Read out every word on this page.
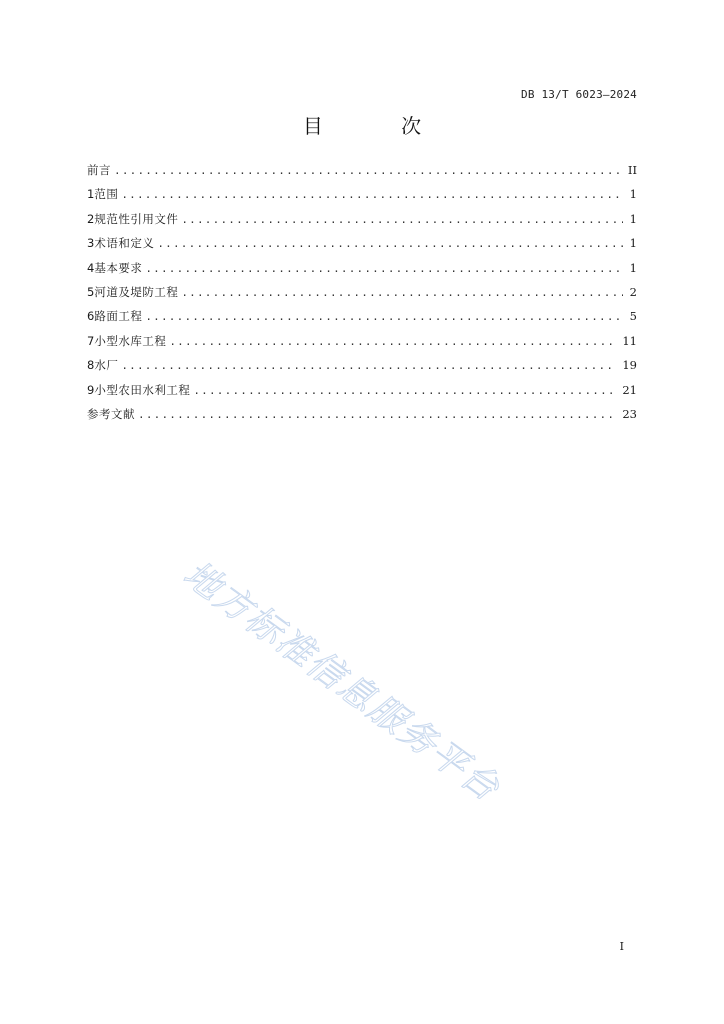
DB 13/T 6023—2024
目 次
前言 .....	II
1 范围 .....	1
2 规范性引用文件 .....	1
3 术语和定义 .....	1
4 基本要求 .....	1
5 河道及堤防工程 .....	2
6 路面工程 .....	5
7 小型水库工程 .....	11
8 水厂 .....	19
9 小型农田水利工程 .....	21
参考文献 .....	23
地方标准信息服务平台
I
